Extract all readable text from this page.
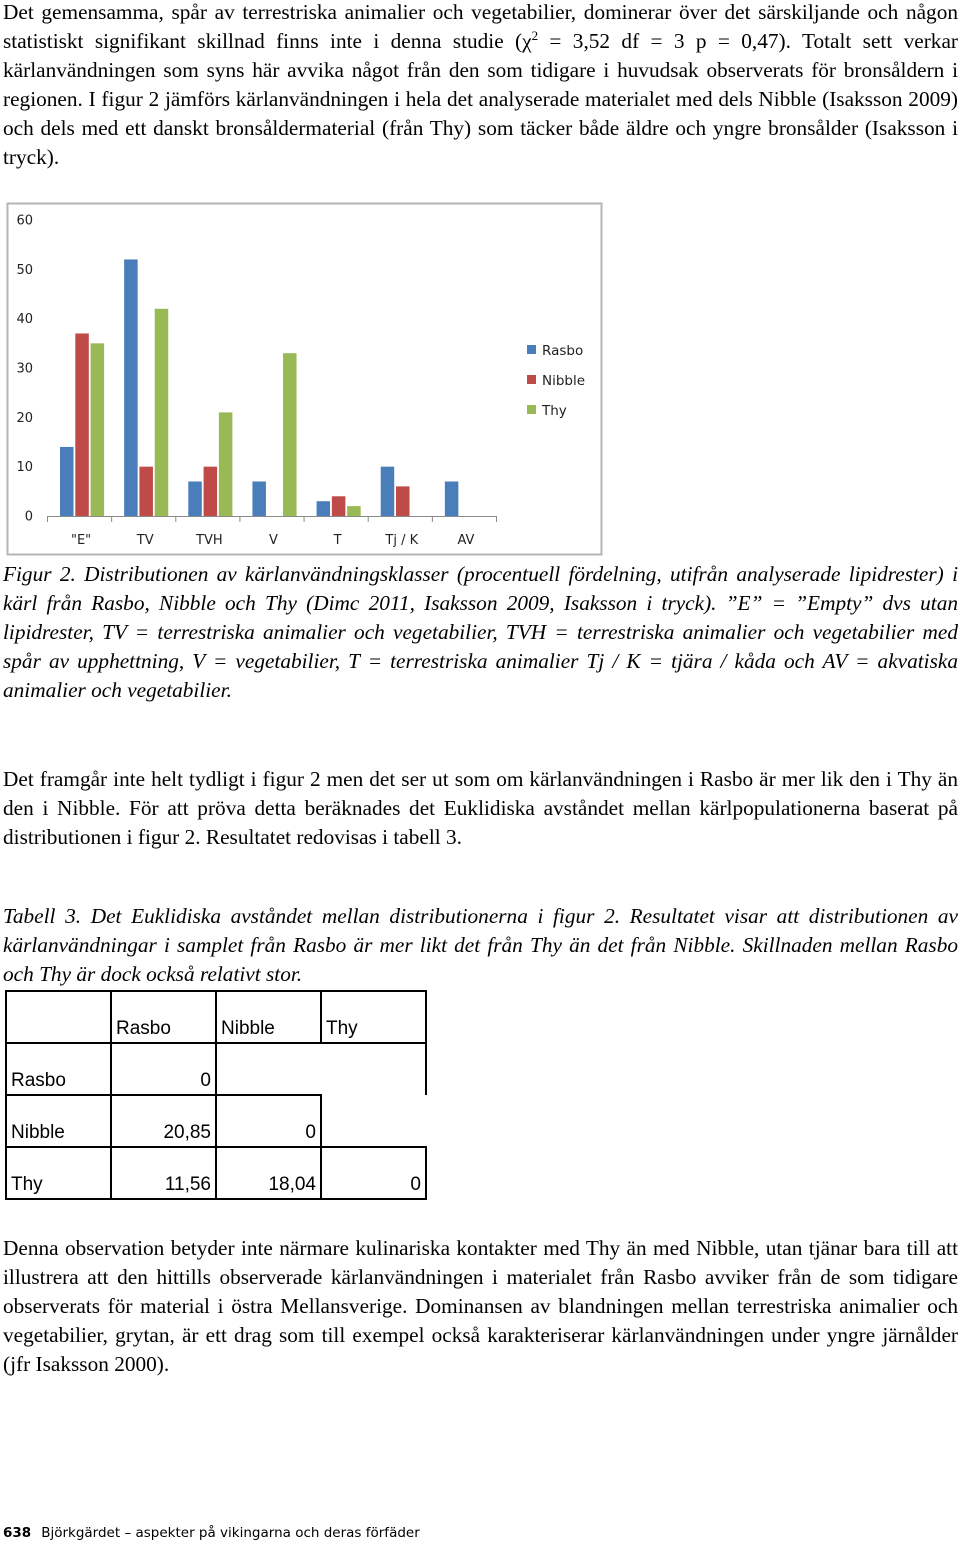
Det gemensamma, spår av terrestriska animalier och vegetabilier, dominerar över det särskiljande och någon statistiskt signifikant skillnad finns inte i denna studie ($\chi^2 = 3,52$ df = 3 p = 0,47). Totalt sett verkar kärlanvändningen som syns här avvika något från den som tidigare i huvudsak observerats för bronsåldern i regionen. I figur 2 jämförs kärlanvändningen i hela det analyserade materialet med dels Nibble (Isaksson 2009) och dels med ett danskt bronsåldermaterial (från Thy) som täcker både äldre och yngre bronsålder (Isaksson i tryck).

0
10
20
30
40
50
60
"E"	TV	TVH	V	T	Tj / K	AV
Rasbo
Nibble
Thy

Figur 2. Distributionen av kärlanvändningsklasser (procentuell fördelning, utifrån analyserade lipidrester) i kärl från Rasbo, Nibble och Thy (Dimc 2011, Isaksson 2009, Isaksson i tryck). ”E” = ”Empty” dvs utan lipidrester, TV = terrestriska animalier och vegetabilier, TVH = terrestriska animalier och vegetabilier med spår av upphettning, V = vegetabilier, T = terrestriska animalier Tj / K = tjära / kåda och AV = akvatiska animalier och vegetabilier.

Det framgår inte helt tydligt i figur 2 men det ser ut som om kärlanvändningen i Rasbo är mer lik den i Thy än den i Nibble. För att pröva detta beräknades det Euklidiska avståndet mellan kärlpopulationerna baserat på distributionen i figur 2. Resultatet redovisas i tabell 3.

Tabell 3. Det Euklidiska avståndet mellan distributionerna i figur 2. Resultatet visar att distributionen av kärlanvändningar i samplet från Rasbo är mer likt det från Thy än det från Nibble. Skillnaden mellan Rasbo och Thy är dock också relativt stor.

	Rasbo	Nibble	Thy
Rasbo	0		
Nibble	20,85	0	
Thy	11,56	18,04	0

Denna observation betyder inte närmare kulinariska kontakter med Thy än med Nibble, utan tjänar bara till att illustrera att den hittills observerade kärlanvändningen i materialet från Rasbo avviker från de som tidigare observerats för material i östra Mellansverige. Dominansen av blandningen mellan terrestriska animalier och vegetabilier, grytan, är ett drag som till exempel också karakteriserar kärlanvändningen under yngre järnålder (jfr Isaksson 2000).

638 Björkgärdet – aspekter på vikingarna och deras förfäder
